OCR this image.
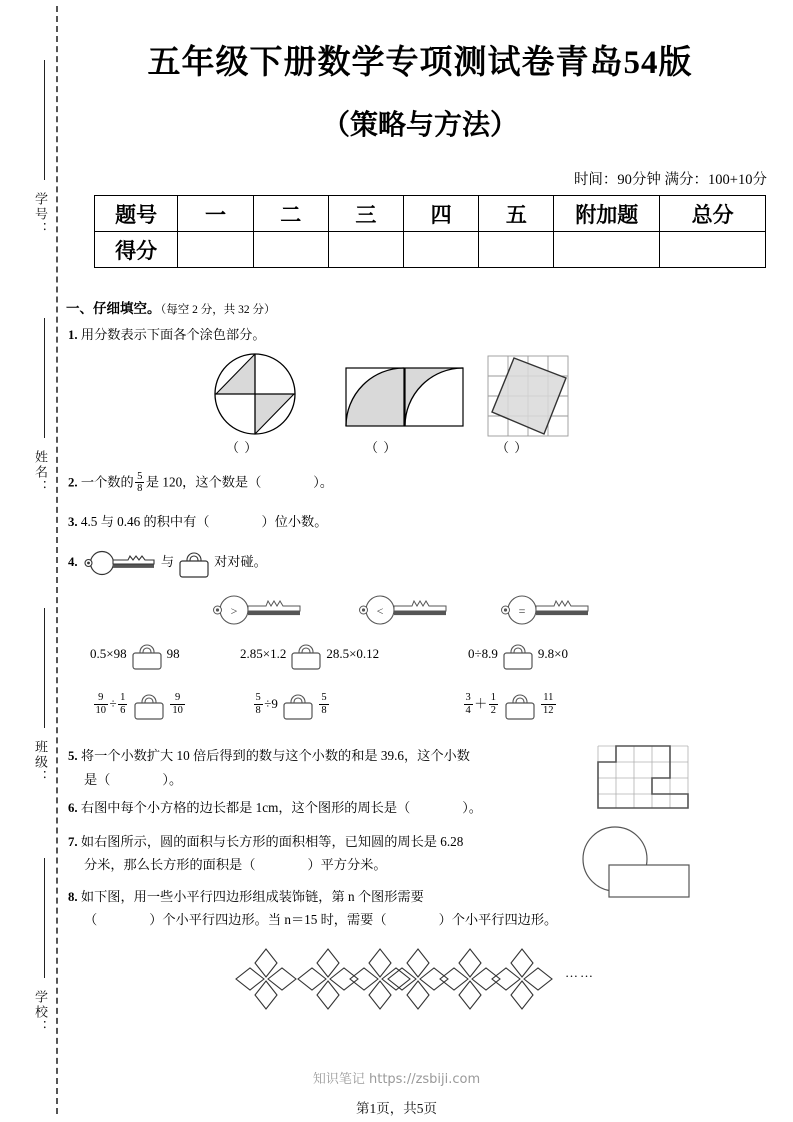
学号：
姓名：
班级：
学校：
五年级下册数学专项测试卷青岛54版
（策略与方法）
时间：90分钟 满分：100+10分
题号	一	二	三	四	五	附加题	总分
得分							
一、仔细填空。（每空 2 分，共 32 分）
1. 用分数表示下面各个涂色部分。
（ ）	（ ）	（ ）
2. 一个数的 $\frac{5}{8}$ 是 120，这个数是（	）。
3. 4.5 与 0.46 的积中有（	）位小数。
4.	与	对对碰。
>	<	=
0.5×98	98	2.85×1.2	28.5×0.12	0÷8.9	9.8×0
$\frac{9}{10} \div \frac{1}{6}$	$\frac{9}{10}$	$\frac{5}{8} \div 9$	$\frac{5}{8}$	$\frac{3}{4} + \frac{1}{2}$	$\frac{11}{12}$
5. 将一个小数扩大 10 倍后得到的数与这个小数的和是 39.6，这个小数
是（	）。
6. 右图中每个小方格的边长都是 1cm，这个图形的周长是（	）。
7. 如右图所示，圆的面积与长方形的面积相等，已知圆的周长是 6.28
分米，那么长方形的面积是（	）平方分米。
8. 如下图，用一些小平行四边形组成装饰链，第 n 个图形需要
（	）个小平行四边形。当 n＝15 时，需要（	）个小平行四边形。
……
知识笔记 https://zsbiji.com
第1页，共5页
